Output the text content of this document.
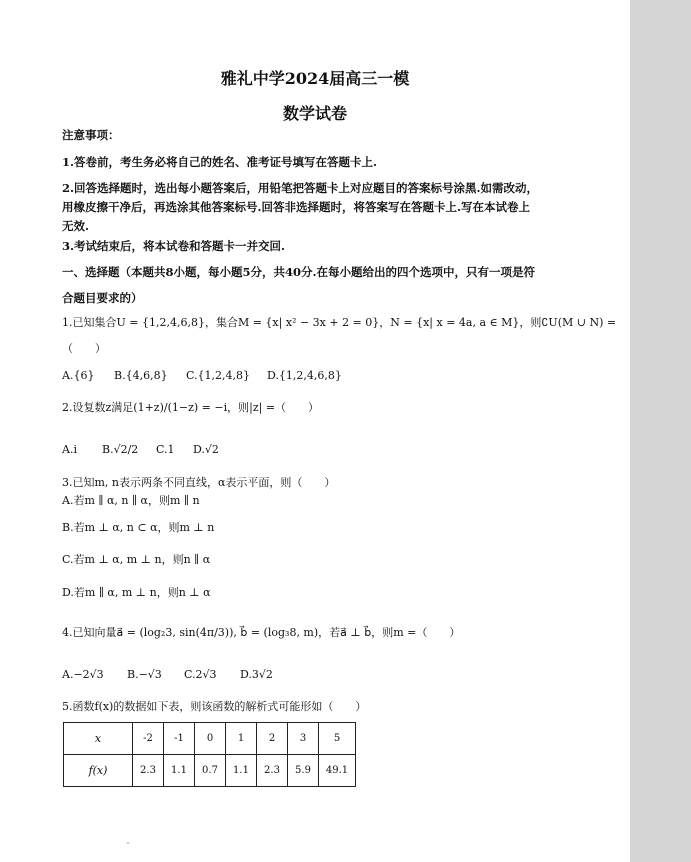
雅礼中学2024届高三一模
数学试卷
注意事项：
1.答卷前，考生务必将自己的姓名、准考证号填写在答题卡上.
2.回答选择题时，选出每小题答案后，用铅笔把答题卡上对应题目的答案标号涂黑.如需改动，
用橡皮擦干净后，再选涂其他答案标号.回答非选择题时，将答案写在答题卡上.写在本试卷上
无效.
3.考试结束后，将本试卷和答题卡一并交回.
一、选择题（本题共8小题，每小题5分，共40分.在每小题给出的四个选项中，只有一项是符
合题目要求的）
1.已知集合U = {1,2,4,6,8}，集合M = {x| x² − 3x + 2 = 0}，N = {x| x = 4a, a ∈ M}，则∁U(M ∪ N) =
（　　）
A.{6} B.{4,6,8} C.{1,2,4,8} D.{1,2,4,6,8}
2.设复数z满足(1+z)/(1−z) = −i，则|z| =（　　）
A.i B.√2/2 C.1 D.√2
3.已知m, n表示两条不同直线，α表示平面，则（　　）
A.若m ∥ α, n ∥ α，则m ∥ n
B.若m ⊥ α, n ⊂ α，则m ⊥ n
C.若m ⊥ α, m ⊥ n，则n ∥ α
D.若m ∥ α, m ⊥ n，则n ⊥ α
4.已知向量a⃗ = (log₂3, sin(4π/3)), b⃗ = (log₃8, m)，若a⃗ ⊥ b⃗，则m =（　　）
A.−2√3 B.−√3 C.2√3 D.3√2
5.函数f(x)的数据如下表，则该函数的解析式可能形如（　　）
x	-2	-1	0	1	2	3	5
f(x)	2.3	1.1	0.7	1.1	2.3	5.9	49.1
